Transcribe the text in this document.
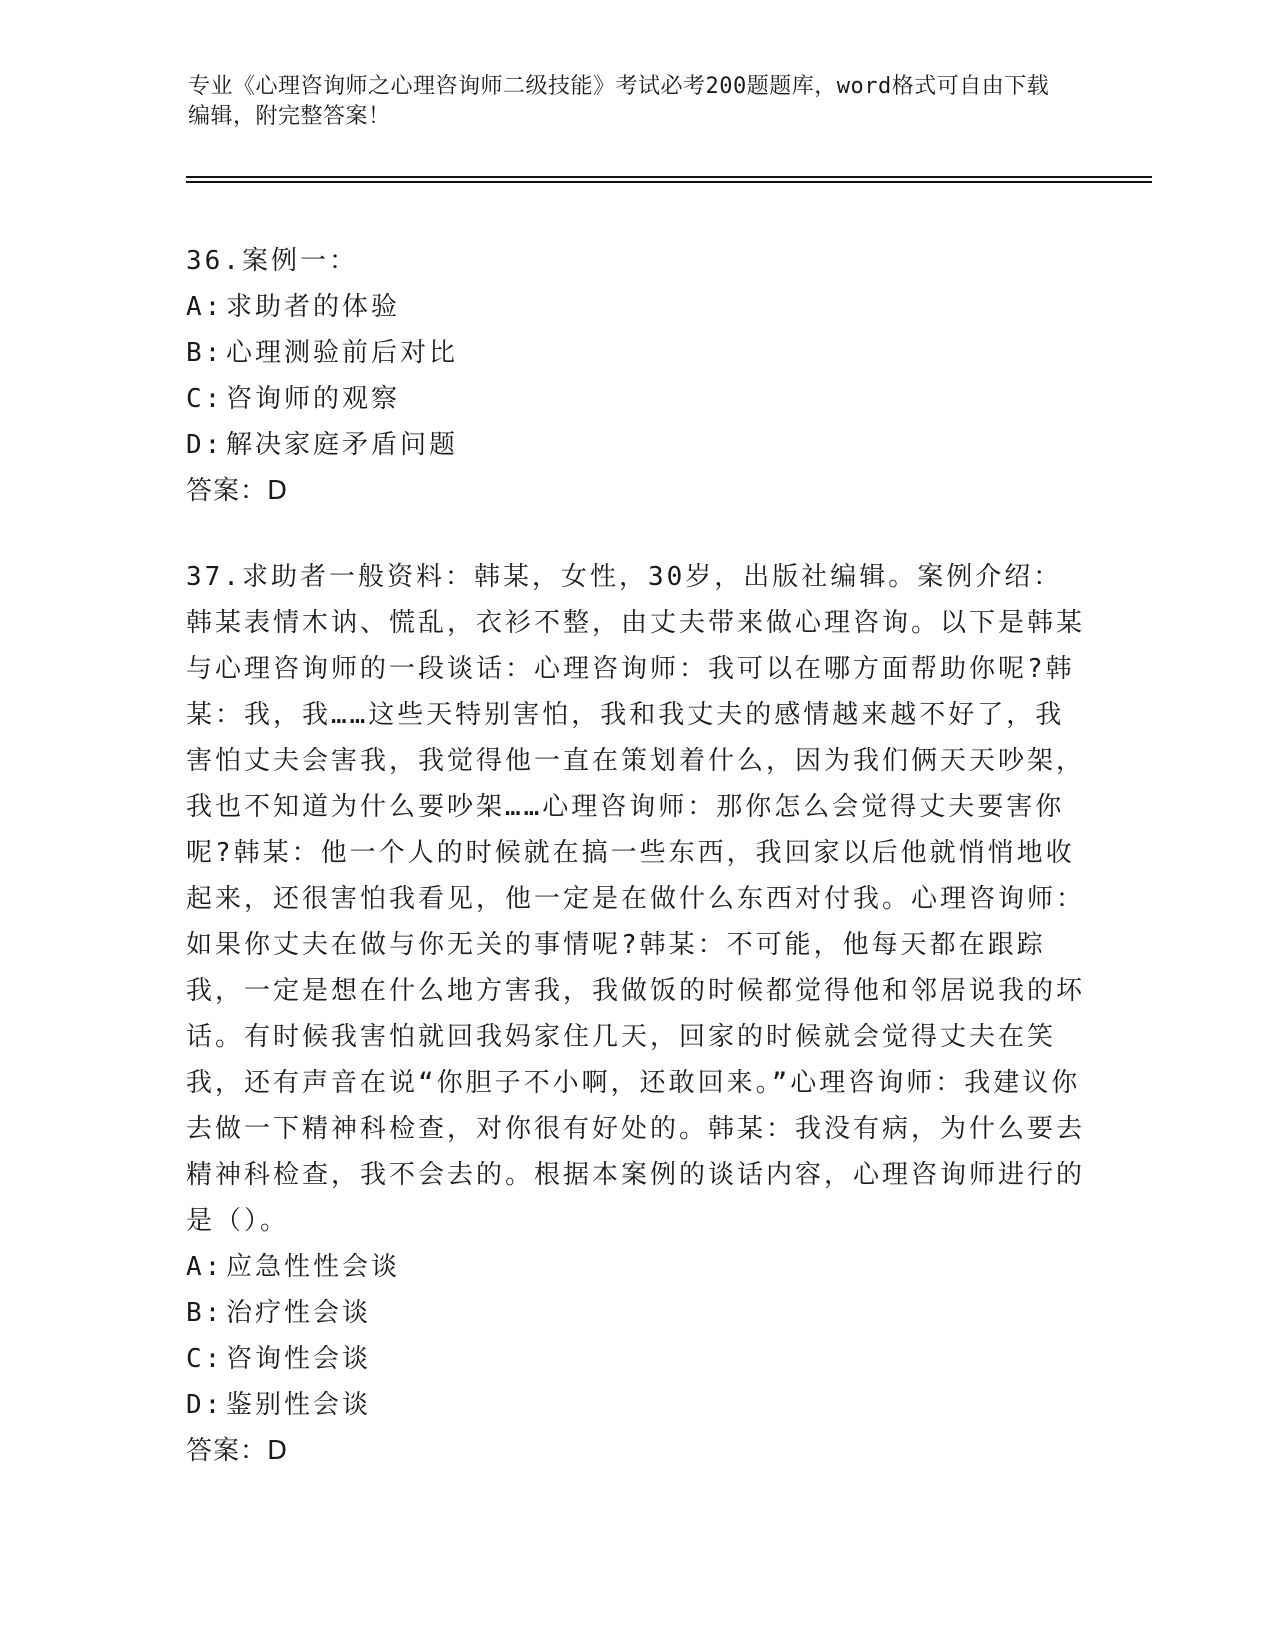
专业《心理咨询师之心理咨询师二级技能》考试必考200题题库，word格式可自由下载编辑，附完整答案！

36.案例一：

A: 求助者的体验

B: 心理测验前后对比

C: 咨询师的观察

D: 解决家庭矛盾问题

答案：D

37.求助者一般资料：韩某，女性，30岁，出版社编辑。案例介绍：韩某表情木讷、慌乱，衣衫不整，由丈夫带来做心理咨询。以下是韩某与心理咨询师的一段谈话：心理咨询师：我可以在哪方面帮助你呢?韩某：我，我……这些天特别害怕，我和我丈夫的感情越来越不好了，我害怕丈夫会害我，我觉得他一直在策划着什么，因为我们俩天天吵架，我也不知道为什么要吵架……心理咨询师：那你怎么会觉得丈夫要害你呢?韩某：他一个人的时候就在搞一些东西，我回家以后他就悄悄地收起来，还很害怕我看见，他一定是在做什么东西对付我。心理咨询师：如果你丈夫在做与你无关的事情呢?韩某：不可能，他每天都在跟踪我，一定是想在什么地方害我，我做饭的时候都觉得他和邻居说我的坏话。有时候我害怕就回我妈家住几天，回家的时候就会觉得丈夫在笑我，还有声音在说“你胆子不小啊，还敢回来。”心理咨询师：我建议你去做一下精神科检查，对你很有好处的。韩某：我没有病，为什么要去精神科检查，我不会去的。根据本案例的谈话内容，心理咨询师进行的是（）。

A: 应急性性会谈

B: 治疗性会谈

C: 咨询性会谈

D: 鉴别性会谈

答案：D
